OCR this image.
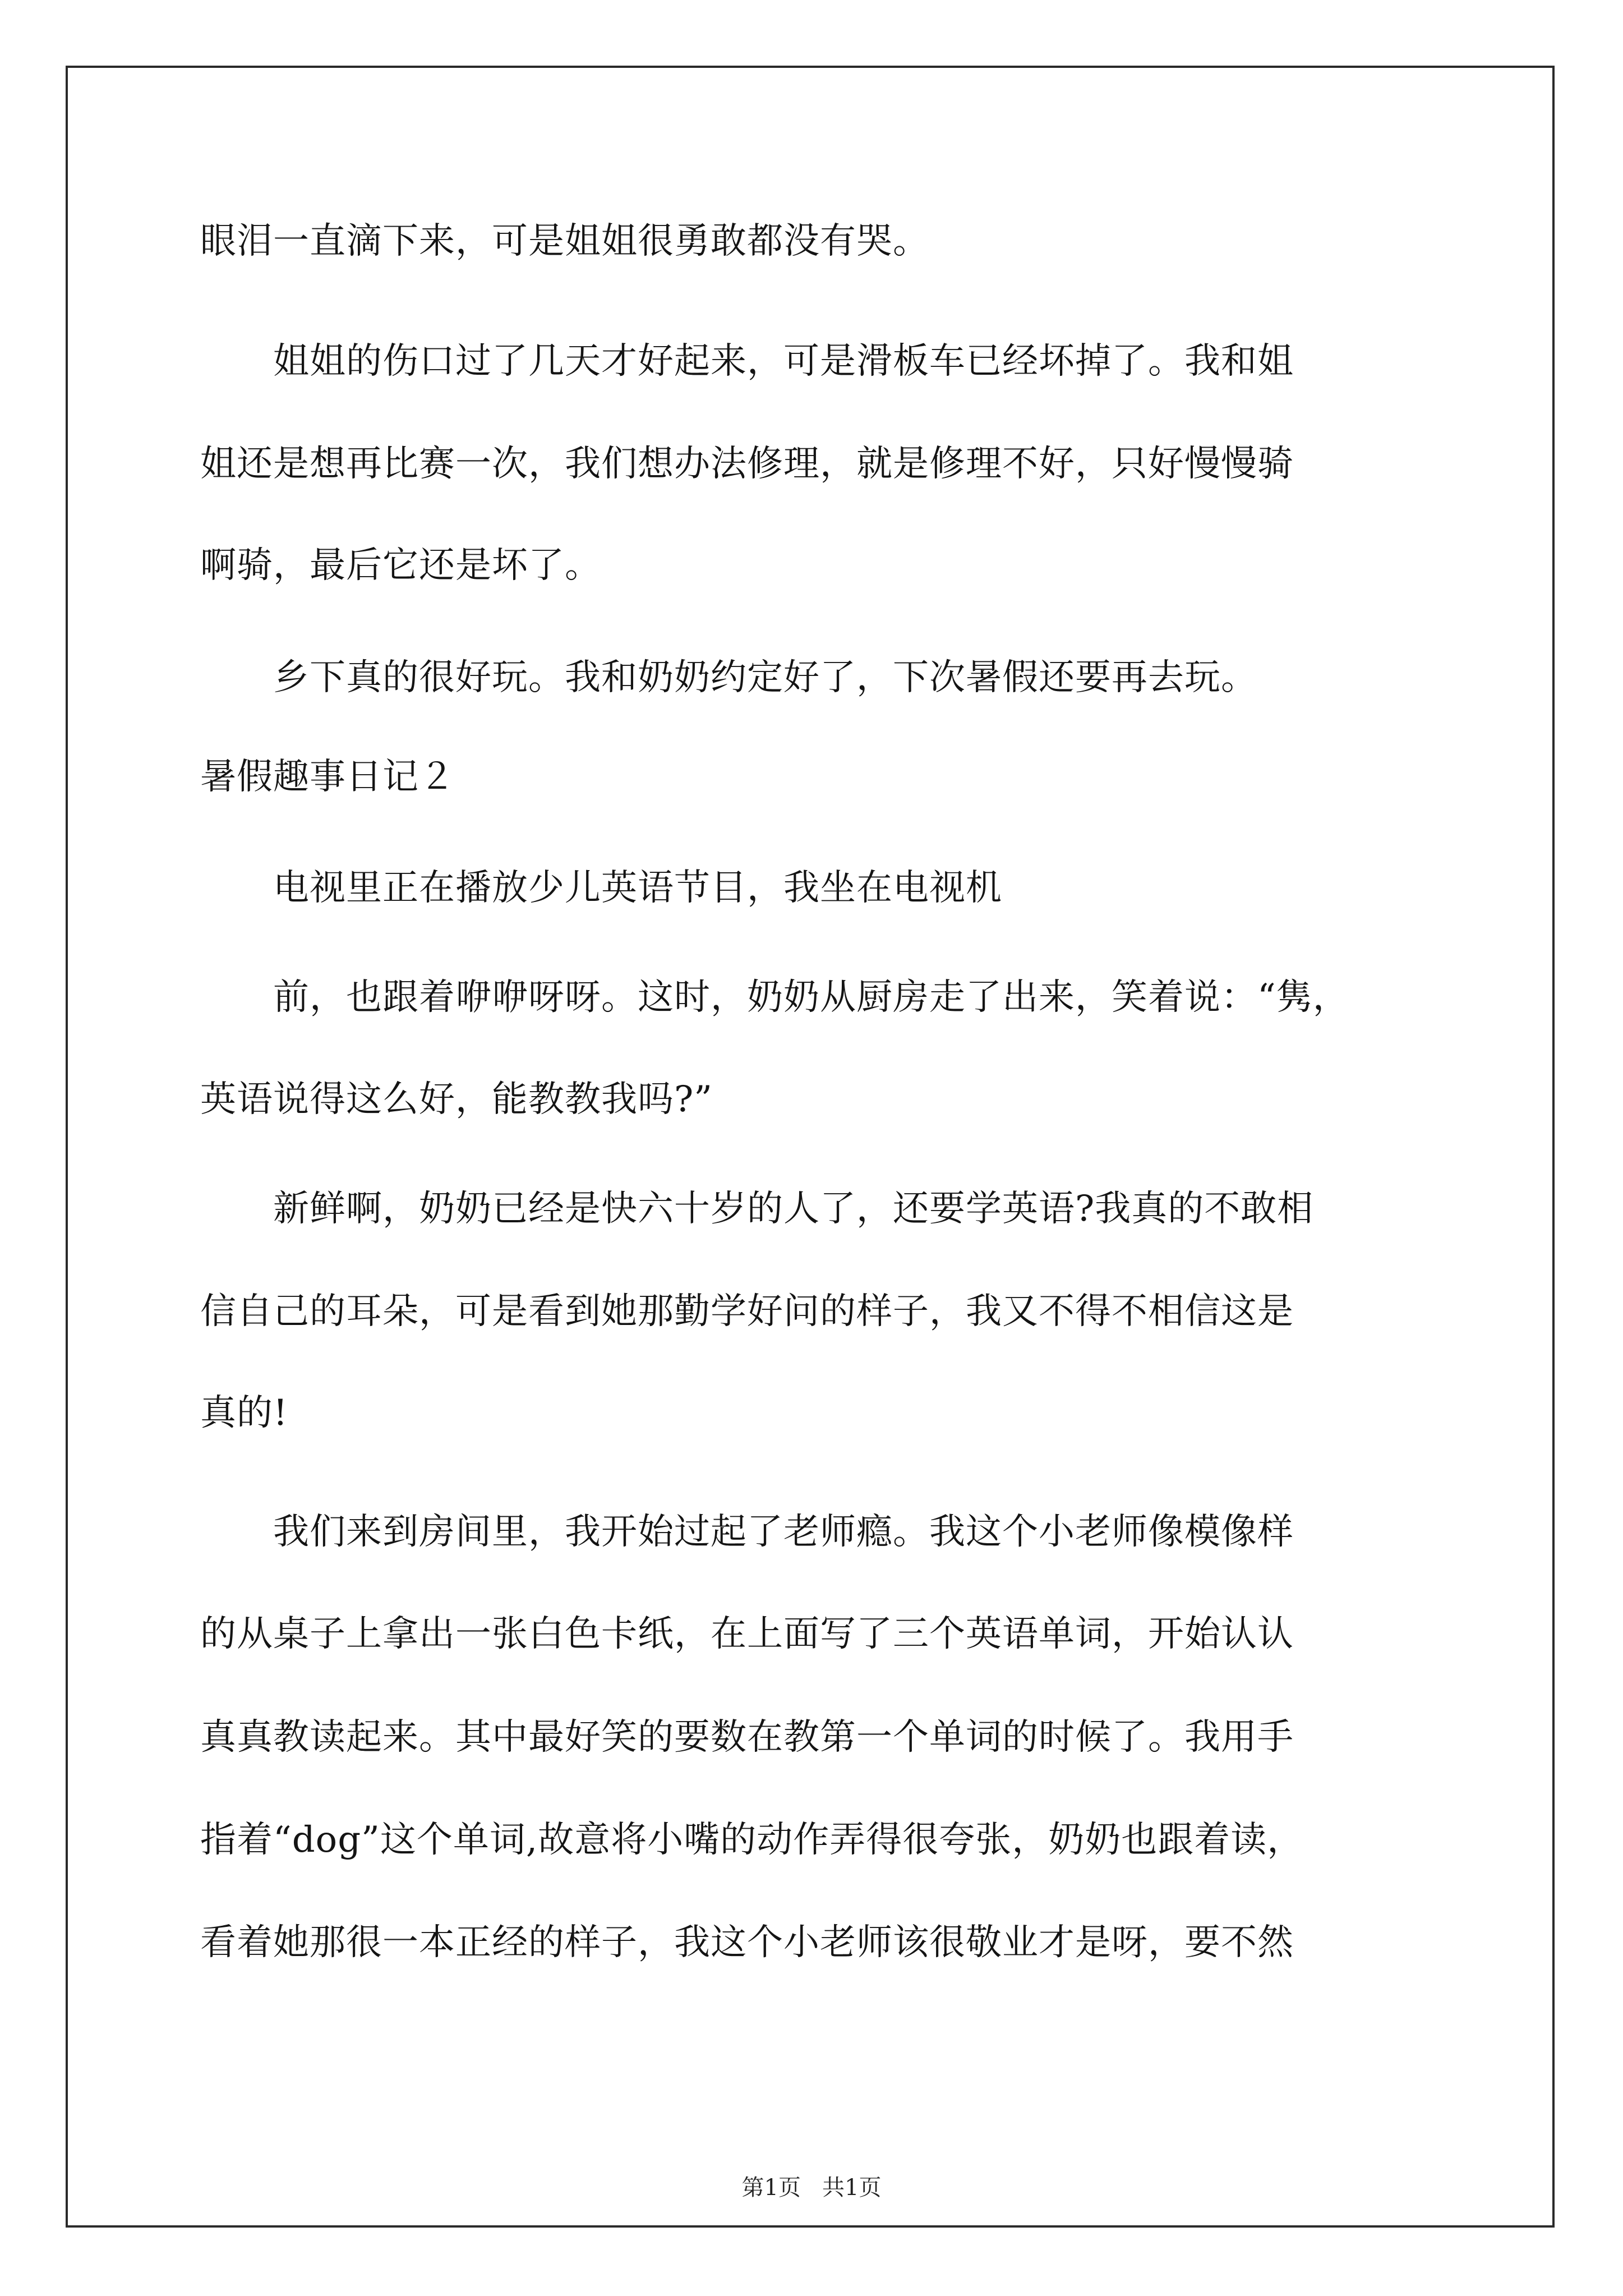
眼泪一直滴下来，可是姐姐很勇敢都没有哭。
　　姐姐的伤口过了几天才好起来，可是滑板车已经坏掉了。我和姐
姐还是想再比赛一次，我们想办法修理，就是修理不好，只好慢慢骑
啊骑，最后它还是坏了。
　　乡下真的很好玩。我和奶奶约定好了，下次暑假还要再去玩。
暑假趣事日记２
　　电视里正在播放少儿英语节目，我坐在电视机
　　前，也跟着咿咿呀呀。这时，奶奶从厨房走了出来，笑着说：“隽，
英语说得这么好，能教教我吗?”
　　新鲜啊，奶奶已经是快六十岁的人了，还要学英语?我真的不敢相
信自己的耳朵，可是看到她那勤学好问的样子，我又不得不相信这是
真的!
　　我们来到房间里，我开始过起了老师瘾。我这个小老师像模像样
的从桌子上拿出一张白色卡纸，在上面写了三个英语单词，开始认认
真真教读起来。其中最好笑的要数在教第一个单词的时候了。我用手
指着“dog”这个单词,故意将小嘴的动作弄得很夸张，奶奶也跟着读，
看着她那很一本正经的样子，我这个小老师该很敬业才是呀，要不然
第1页 共1页
